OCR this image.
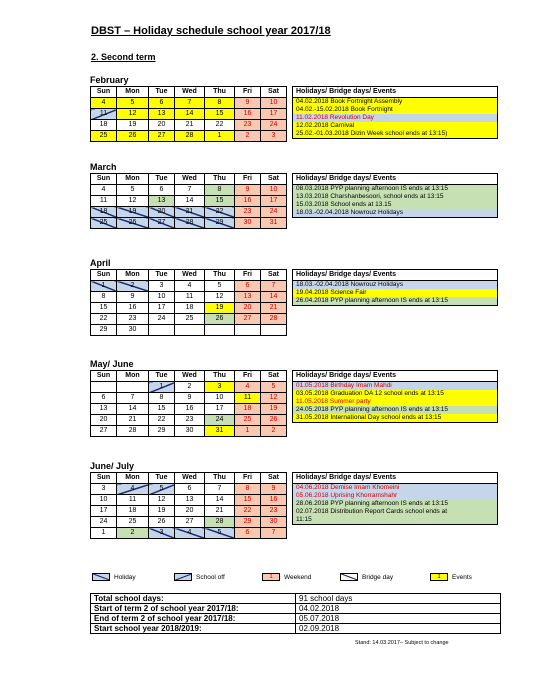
DBST – Holiday schedule school year 2017/18
2. Second term
February
Sun	Mon	Tue	Wed	Thu	Fri	Sat
4	5	6	7	8	9	10
11	12	13	14	15	16	17
18	19	20	21	22	23	24
25	26	27	28	1	2	3
Holidays/ Bridge days/ Events
04.02.2018 Book Fortnight Assembly
04.02.-15.02.2018 Book Fortnight
11.02.2018 Revolution Day
12.02.2018 Carnival
25.02.-01.03.2018 Dizin Week school ends at 13:15)
March
Sun	Mon	Tue	Wed	Thu	Fri	Sat
4	5	6	7	8	9	10
11	12	13	14	15	16	17
18	19	20	21	22	23	24
25	26	27	28	29	30	31
Holidays/ Bridge days/ Events
08.03.2018 PYP planning afternoon IS ends at 13:15
13.03.2018 Charshanbesoori, school ends at 13:15
15.03.2018 School ends at 13.15
18.03.-02.04.2018 Nowrouz Holidays
April
Sun	Mon	Tue	Wed	Thu	Fri	Sat
1	2	3	4	5	6	7
8	9	10	11	12	13	14
15	16	17	18	19	20	21
22	23	24	25	26	27	28
29	30					
Holidays/ Bridge days/ Events
18.03.-02.04.2018 Nowrouz Holidays
19.04.2018 Science Fair
26.04.2018 PYP planning afternoon IS ends at 13:15
May/ June
Sun	Mon	Tue	Wed	Thu	Fri	Sat
		1	2	3	4	5
6	7	8	9	10	11	12
13	14	15	16	17	18	19
20	21	22	23	24	25	26
27	28	29	30	31	1	2
Holidays/ Bridge days/ Events
01.05.2018 Birthday Imam Mahdi
03.05.2018 Graduation DA 12 school ends at 13:15
11.05.2018 Summer party
24.05.2018 PYP planning afternoon IS ends at 13:15
31.05.2018 International Day school ends at 13:15
June/ July
Sun	Mon	Tue	Wed	Thu	Fri	Sat
3	4	5	6	7	8	9
10	11	12	13	14	15	16
17	18	19	20	21	22	23
24	25	26	27	28	29	30
1	2	3	4	5	6	7
Holidays/ Bridge days/ Events
04.06.2018 Demise Imam Khomeini
05.06.2018 Uprising Khorramshahr
28.06.2018 PYP planning afternoon IS ends at 13:15
02.07.2018 Distribution Report Cards school ends at
11:15
Holiday	School off	1	Weekend	Bridge day	1	Events
Total school days:	91 school days
Start of term 2 of school year 2017/18:	04.02.2018
End of term 2 of school year 2017/18:	05.07.2018
Start school year 2018/2019:	02.09.2018
Stand: 14.03.2017– Subject to change
